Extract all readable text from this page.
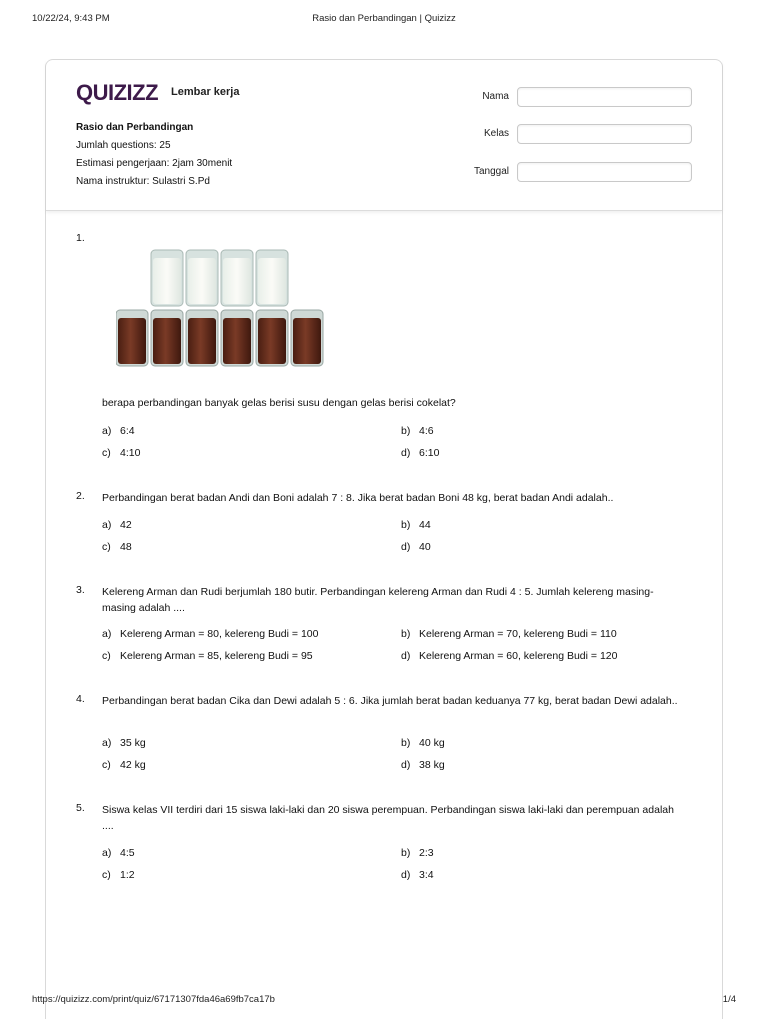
10/22/24, 9:43 PM	Rasio dan Perbandingan | Quizizz
QUIZIZZ Lembar kerja
Rasio dan Perbandingan
Jumlah questions: 25
Estimasi pengerjaan: 2jam 30menit
Nama instruktur: Sulastri S.Pd
Nama
Kelas
Tanggal
1.
berapa perbandingan banyak gelas berisi susu dengan gelas berisi cokelat?
a) 6:4	b) 4:6
c) 4:10	d) 6:10
2. Perbandingan berat badan Andi dan Boni adalah 7 : 8. Jika berat badan Boni 48 kg, berat badan Andi adalah..
a) 42	b) 44
c) 48	d) 40
3. Kelereng Arman dan Rudi berjumlah 180 butir. Perbandingan kelereng Arman dan Rudi 4 : 5. Jumlah kelereng masing-masing adalah ....
a) Kelereng Arman = 80, kelereng Budi = 100	b) Kelereng Arman = 70, kelereng Budi = 110
c) Kelereng Arman = 85, kelereng Budi = 95	d) Kelereng Arman = 60, kelereng Budi = 120
4. Perbandingan berat badan Cika dan Dewi adalah 5 : 6. Jika jumlah berat badan keduanya 77 kg, berat badan Dewi adalah..
a) 35 kg	b) 40 kg
c) 42 kg	d) 38 kg
5. Siswa kelas VII terdiri dari 15 siswa laki-laki dan 20 siswa perempuan. Perbandingan siswa laki-laki dan perempuan adalah ....
a) 4:5	b) 2:3
c) 1:2	d) 3:4
https://quizizz.com/print/quiz/67171307fda46a69fb7ca17b	1/4
